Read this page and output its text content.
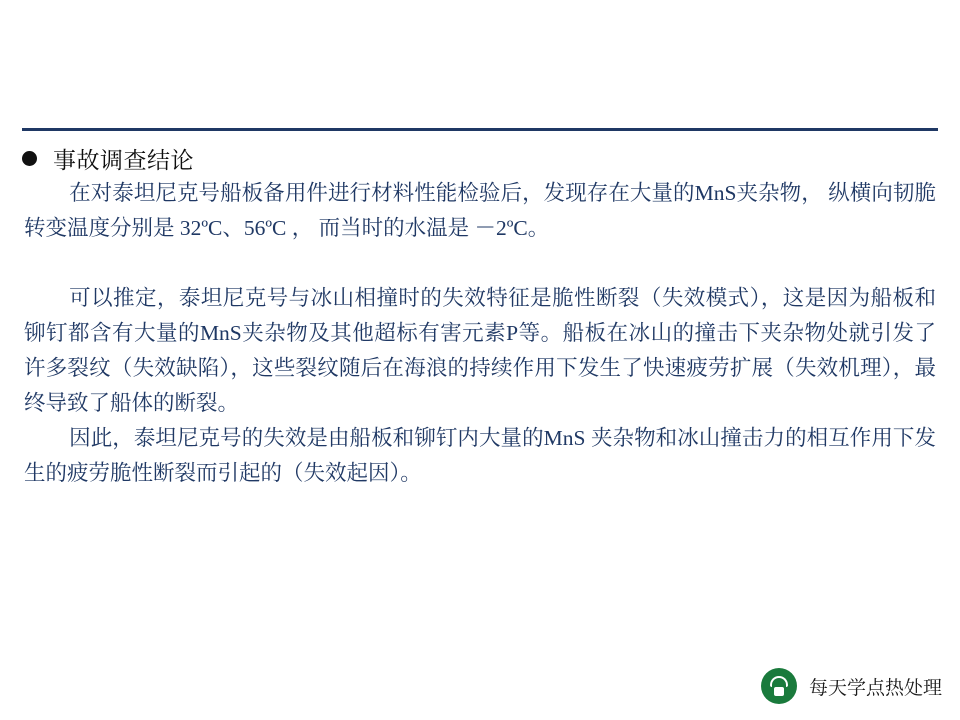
事故调查结论

在对泰坦尼克号船板备用件进行材料性能检验后，发现存在大量的MnS夹杂物， 纵横向韧脆转变温度分别是 32ºC、56ºC ， 而当时的水温是 －2ºC。

可以推定，泰坦尼克号与冰山相撞时的失效特征是脆性断裂（失效模式），这是因为船板和铆钉都含有大量的MnS夹杂物及其他超标有害元素P等。船板在冰山的撞击下夹杂物处就引发了许多裂纹（失效缺陷），这些裂纹随后在海浪的持续作用下发生了快速疲劳扩展（失效机理），最终导致了船体的断裂。

因此，泰坦尼克号的失效是由船板和铆钉内大量的MnS 夹杂物和冰山撞击力的相互作用下发生的疲劳脆性断裂而引起的（失效起因）。

每天学点热处理
